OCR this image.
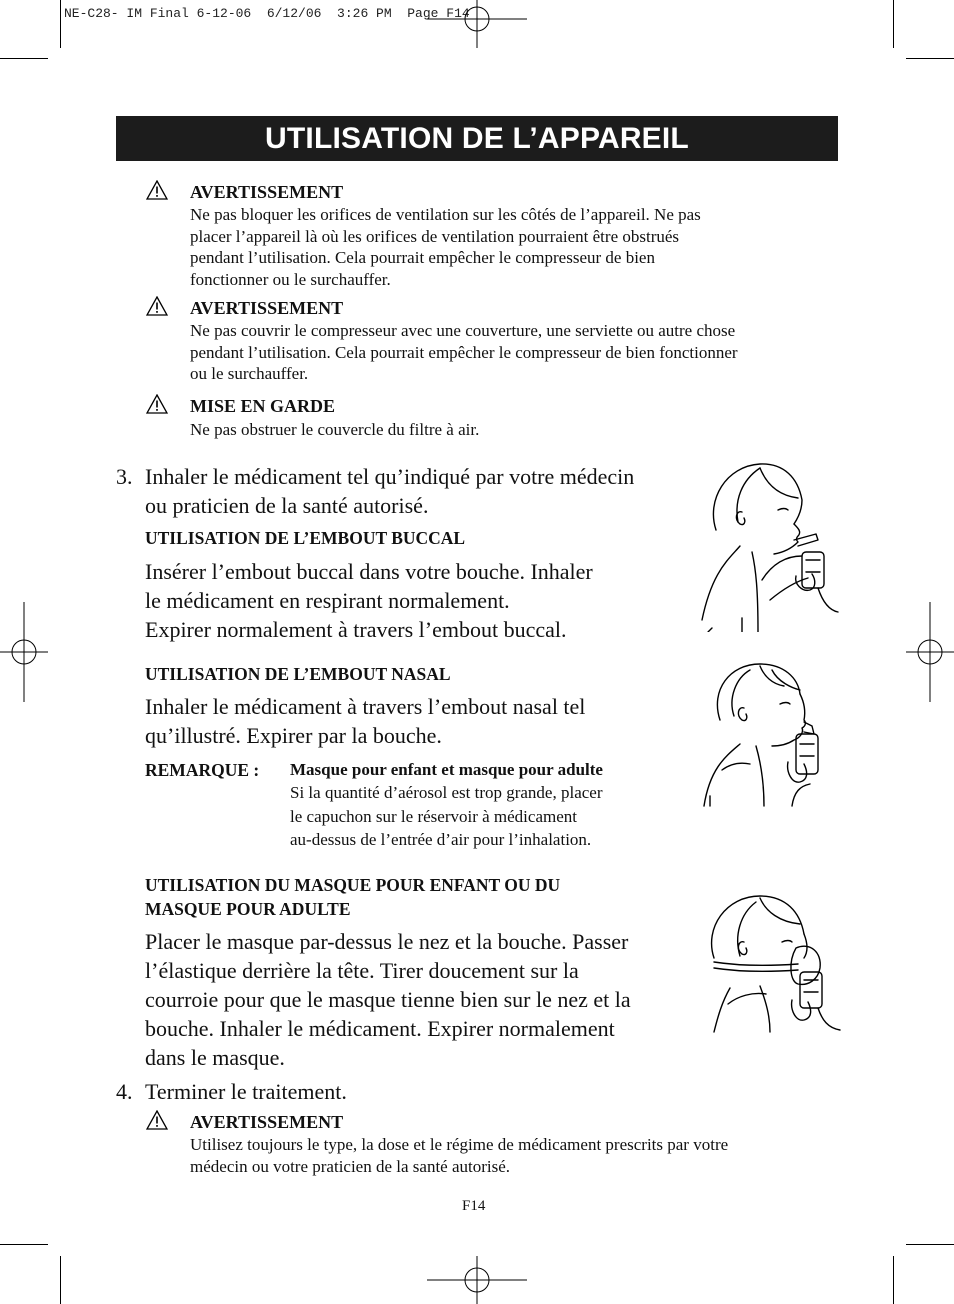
NE-C28- IM Final 6-12-06  6/12/06  3:26 PM  Page F14
UTILISATION DE L’APPAREIL
AVERTISSEMENT
Ne pas bloquer les orifices de ventilation sur les côtés de l’appareil. Ne pas
placer l’appareil là où les orifices de ventilation pourraient être obstrués
pendant l’utilisation. Cela pourrait empêcher le compresseur de bien
fonctionner ou le surchauffer.
AVERTISSEMENT
Ne pas couvrir le compresseur avec une couverture, une serviette ou autre chose
pendant l’utilisation. Cela pourrait empêcher le compresseur de bien fonctionner
ou le surchauffer.
MISE EN GARDE
Ne pas obstruer le couvercle du filtre à air.
3. Inhaler le médicament tel qu’indiqué par votre médecin
ou praticien de la santé autorisé.
UTILISATION DE L’EMBOUT BUCCAL
Insérer l’embout buccal dans votre bouche. Inhaler
le médicament en respirant normalement.
Expirer normalement à travers l’embout buccal.
UTILISATION DE L’EMBOUT NASAL
Inhaler le médicament à travers l’embout nasal tel
qu’illustré. Expirer par la bouche.
REMARQUE : Masque pour enfant et masque pour adulte
Si la quantité d’aérosol est trop grande, placer
le capuchon sur le réservoir à médicament
au-dessus de l’entrée d’air pour l’inhalation.
UTILISATION DU MASQUE POUR ENFANT OU DU
MASQUE POUR ADULTE
Placer le masque par-dessus le nez et la bouche. Passer
l’élastique derrière la tête. Tirer doucement sur la
courroie pour que le masque tienne bien sur le nez et la
bouche. Inhaler le médicament. Expirer normalement
dans le masque.
4. Terminer le traitement.
AVERTISSEMENT
Utilisez toujours le type, la dose et le régime de médicament prescrits par votre
médecin ou votre praticien de la santé autorisé.
F14
